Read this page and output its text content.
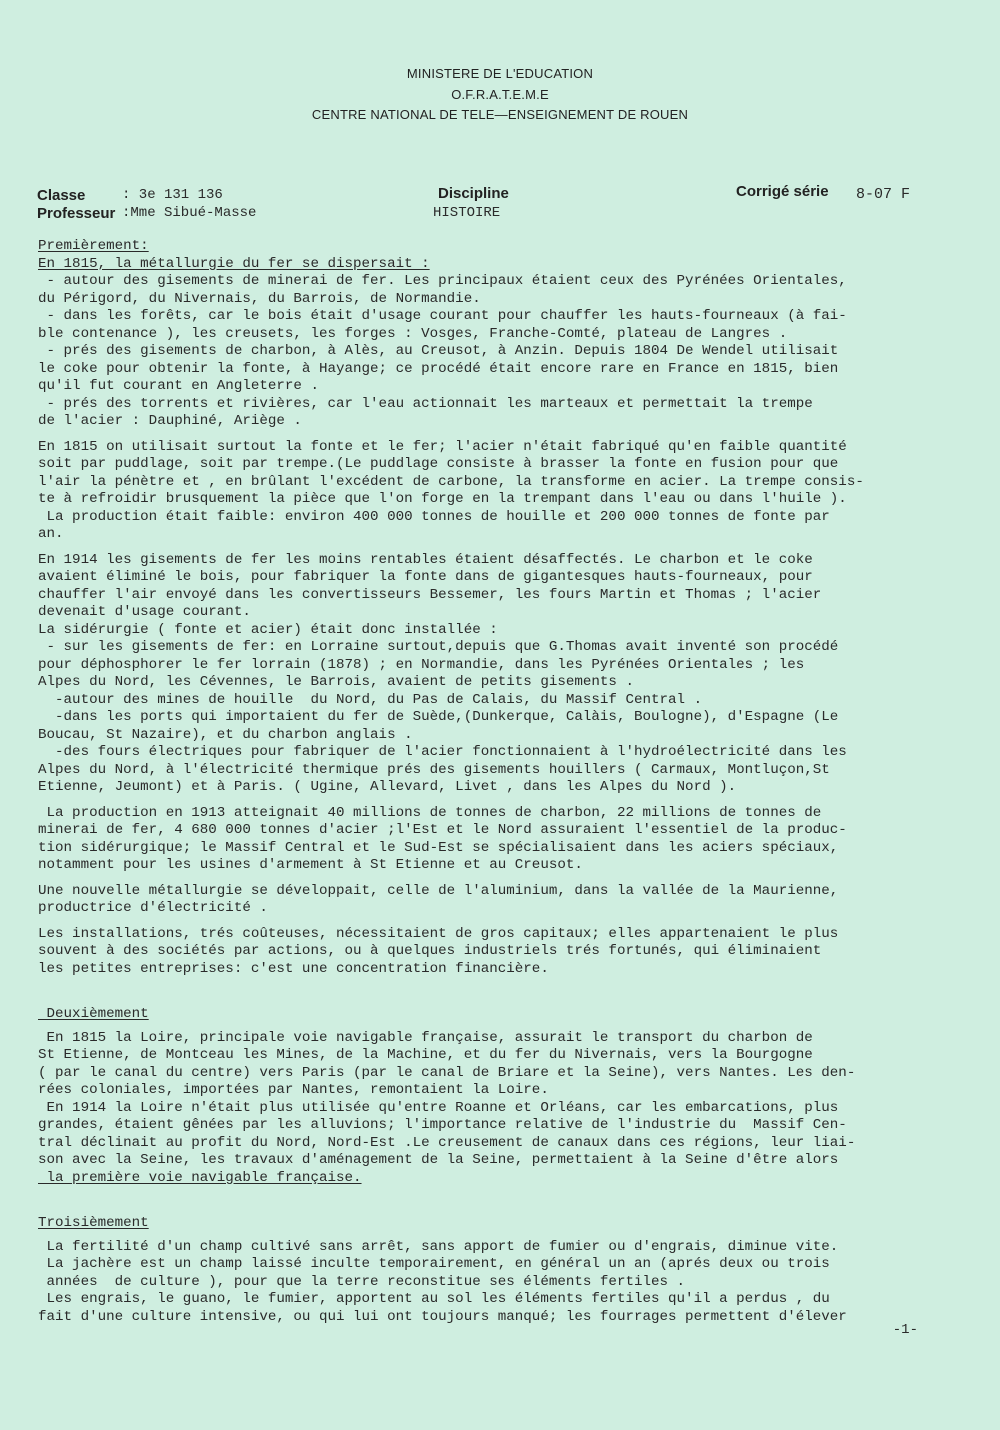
MINISTERE DE L'EDUCATION
O.F.R.A.T.E.M.E
CENTRE NATIONAL DE TELE—ENSEIGNEMENT DE ROUEN
Classe	: 3e 131 136
Professeur :Mme Sibué-Masse
Discipline
HISTOIRE
Corrigé série 8-07 F

Premièrement:

En 1815, la métallurgie du fer se dispersait :

- autour des gisements de minerai de fer. Les principaux étaient ceux des Pyrénées Orientales,

du Périgord, du Nivernais, du Barrois, de Normandie.

- dans les forêts, car le bois était d'usage courant pour chauffer les hauts-fourneaux (à fai-

ble contenance ), les creusets, les forges : Vosges, Franche-Comté, plateau de Langres .

- prés des gisements de charbon, à Alès, au Creusot, à Anzin. Depuis 1804 De Wendel utilisait

le coke pour obtenir la fonte, à Hayange; ce procédé était encore rare en France en 1815, bien

qu'il fut courant en Angleterre .

- prés des torrents et rivières, car l'eau actionnait les marteaux et permettait la trempe

de l'acier : Dauphiné, Ariège .

En 1815 on utilisait surtout la fonte et le fer; l'acier n'était fabriqué qu'en faible quantité

soit par puddlage, soit par trempe.(Le puddlage consiste à brasser la fonte en fusion pour que

l'air la pénètre et , en brûlant l'excédent de carbone, la transforme en acier. La trempe consis-

te à refroidir brusquement la pièce que l'on forge en la trempant dans l'eau ou dans l'huile ).

La production était faible: environ 400 000 tonnes de houille et 200 000 tonnes de fonte par

an.

En 1914 les gisements de fer les moins rentables étaient désaffectés. Le charbon et le coke

avaient éliminé le bois, pour fabriquer la fonte dans de gigantesques hauts-fourneaux, pour

chauffer l'air envoyé dans les convertisseurs Bessemer, les fours Martin et Thomas ; l'acier

devenait d'usage courant.

La sidérurgie ( fonte et acier) était donc installée :

- sur les gisements de fer: en Lorraine surtout,depuis que G.Thomas avait inventé son procédé

pour déphosphorer le fer lorrain (1878) ; en Normandie, dans les Pyrénées Orientales ; les

Alpes du Nord, les Cévennes, le Barrois, avaient de petits gisements .

-autour des mines de houille  du Nord, du Pas de Calais, du Massif Central .

-dans les ports qui importaient du fer de Suède,(Dunkerque, Calàis, Boulogne), d'Espagne (Le

Boucau, St Nazaire), et du charbon anglais .

-des fours électriques pour fabriquer de l'acier fonctionnaient à l'hydroélectricité dans les

Alpes du Nord, à l'électricité thermique prés des gisements houillers ( Carmaux, Montluçon,St

Etienne, Jeumont) et à Paris. ( Ugine, Allevard, Livet , dans les Alpes du Nord ).

La production en 1913 atteignait 40 millions de tonnes de charbon, 22 millions de tonnes de

minerai de fer, 4 680 000 tonnes d'acier ;l'Est et le Nord assuraient l'essentiel de la produc-

tion sidérurgique; le Massif Central et le Sud-Est se spécialisaient dans les aciers spéciaux,

notamment pour les usines d'armement à St Etienne et au Creusot.

Une nouvelle métallurgie se développait, celle de l'aluminium, dans la vallée de la Maurienne,

productrice d'électricité .

Les installations, trés coûteuses, nécessitaient de gros capitaux; elles appartenaient le plus

souvent à des sociétés par actions, ou à quelques industriels trés fortunés, qui éliminaient

les petites entreprises: c'est une concentration financière.

Deuxièmement

En 1815 la Loire, principale voie navigable française, assurait le transport du charbon de

St Etienne, de Montceau les Mines, de la Machine, et du fer du Nivernais, vers la Bourgogne

( par le canal du centre) vers Paris (par le canal de Briare et la Seine), vers Nantes. Les den-

rées coloniales, importées par Nantes, remontaient la Loire.

En 1914 la Loire n'était plus utilisée qu'entre Roanne et Orléans, car les embarcations, plus

grandes, étaient gênées par les alluvions; l'importance relative de l'industrie du  Massif Cen-

tral déclinait au profit du Nord, Nord-Est .Le creusement de canaux dans ces régions, leur liai-

son avec la Seine, les travaux d'aménagement de la Seine, permettaient à la Seine d'être alors

la première voie navigable française.

Troisièmement

La fertilité d'un champ cultivé sans arrêt, sans apport de fumier ou d'engrais, diminue vite.

La jachère est un champ laissé inculte temporairement, en général un an (aprés deux ou trois

années  de culture ), pour que la terre reconstitue ses éléments fertiles .

Les engrais, le guano, le fumier, apportent au sol les éléments fertiles qu'il a perdus , du

fait d'une culture intensive, ou qui lui ont toujours manqué; les fourrages permettent d'élever

-1-
